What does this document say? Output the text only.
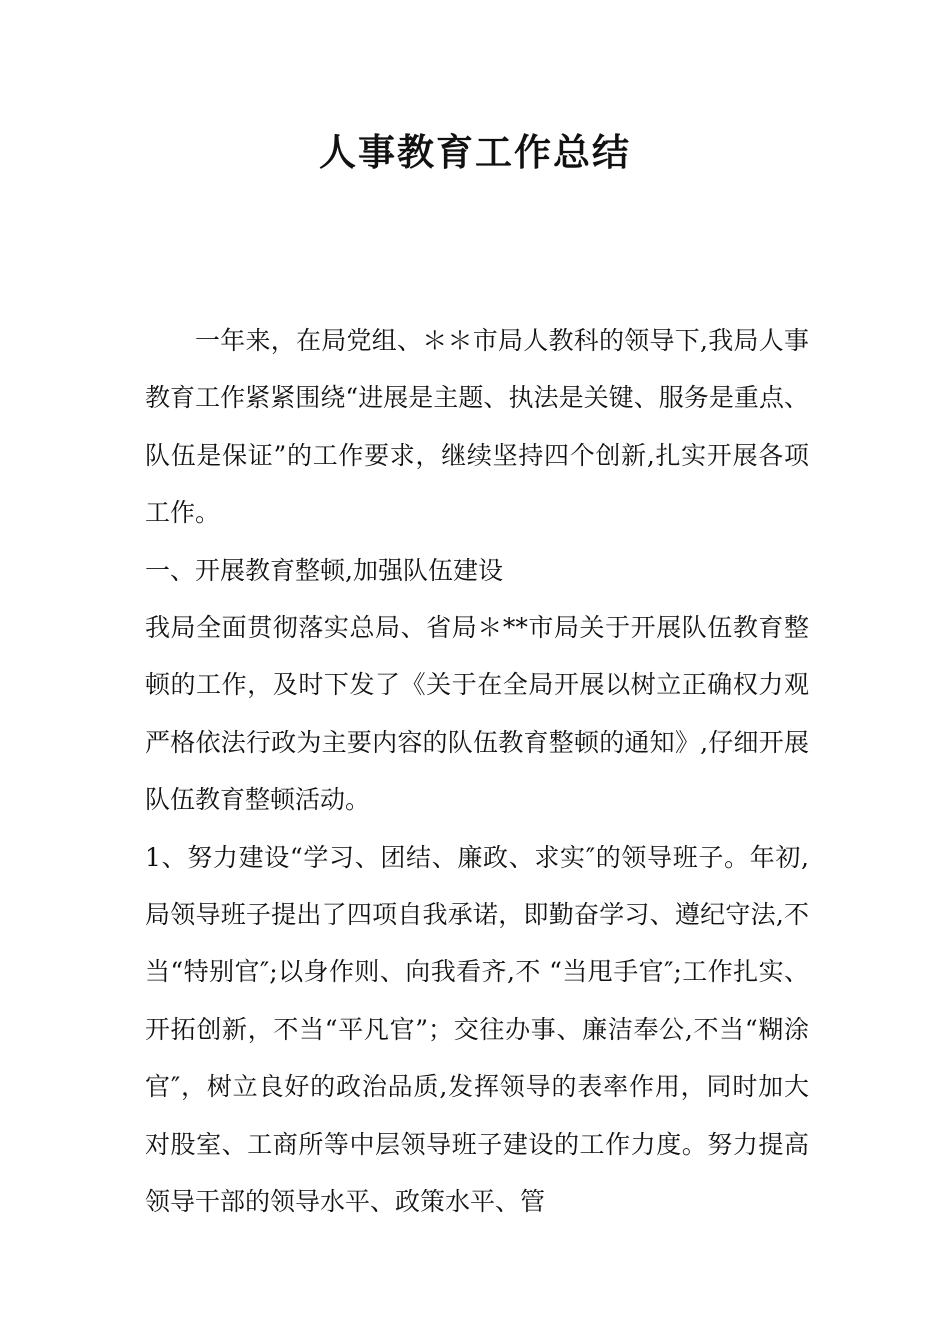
人事教育工作总结

一年来，在局党组、＊＊市局人教科的领导下,我局人事教育工作紧紧围绕“进展是主题、执法是关键、服务是重点、队伍是保证”的工作要求，继续坚持四个创新,扎实开展各项工作。

一、开展教育整顿,加强队伍建设

我局全面贯彻落实总局、省局＊**市局关于开展队伍教育整顿的工作，及时下发了《关于在全局开展以树立正确权力观严格依法行政为主要内容的队伍教育整顿的通知》,仔细开展队伍教育整顿活动。

1、努力建设“学习、团结、廉政、求实″的领导班子。年初,局领导班子提出了四项自我承诺，即勤奋学习、遵纪守法,不当“特别官″;以身作则、向我看齐,不 “当甩手官″;工作扎实、开拓创新，不当“平凡官”；交往办事、廉洁奉公,不当“糊涂官″，树立良好的政治品质,发挥领导的表率作用，同时加大对股室、工商所等中层领导班子建设的工作力度。努力提高领导干部的领导水平、政策水平、管
